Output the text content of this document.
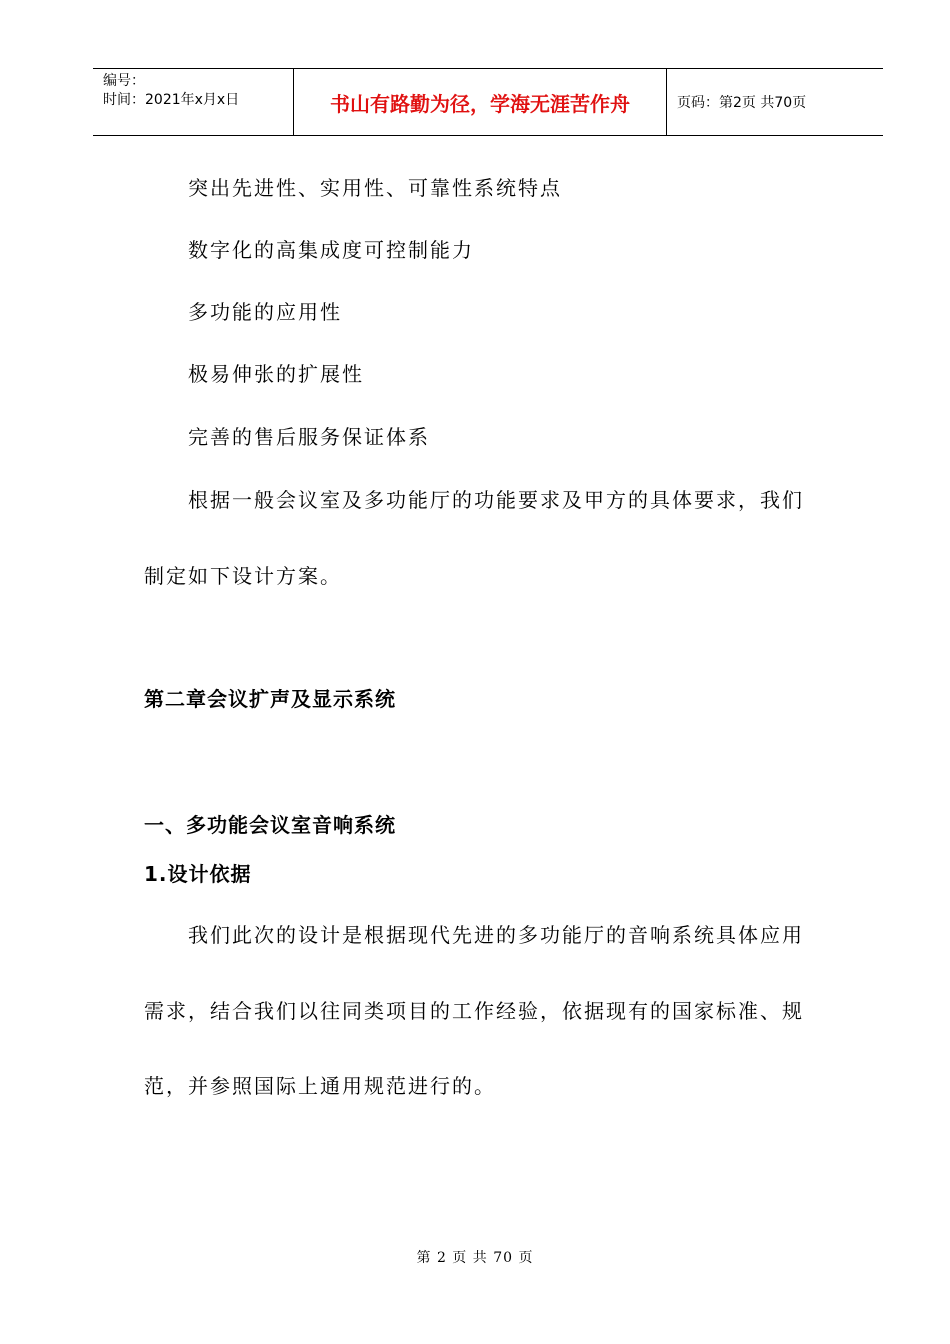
编号：
时间：2021年x月x日	书山有路勤为径，学海无涯苦作舟	页码：第2页 共70页
突出先进性、实用性、可靠性系统特点
数字化的高集成度可控制能力
多功能的应用性
极易伸张的扩展性
完善的售后服务保证体系
根据一般会议室及多功能厅的功能要求及甲方的具体要求，我们
制定如下设计方案。
第二章会议扩声及显示系统
一、多功能会议室音响系统
1.设计依据
我们此次的设计是根据现代先进的多功能厅的音响系统具体应用
需求，结合我们以往同类项目的工作经验，依据现有的国家标准、规
范，并参照国际上通用规范进行的。
第 2 页 共 70 页
